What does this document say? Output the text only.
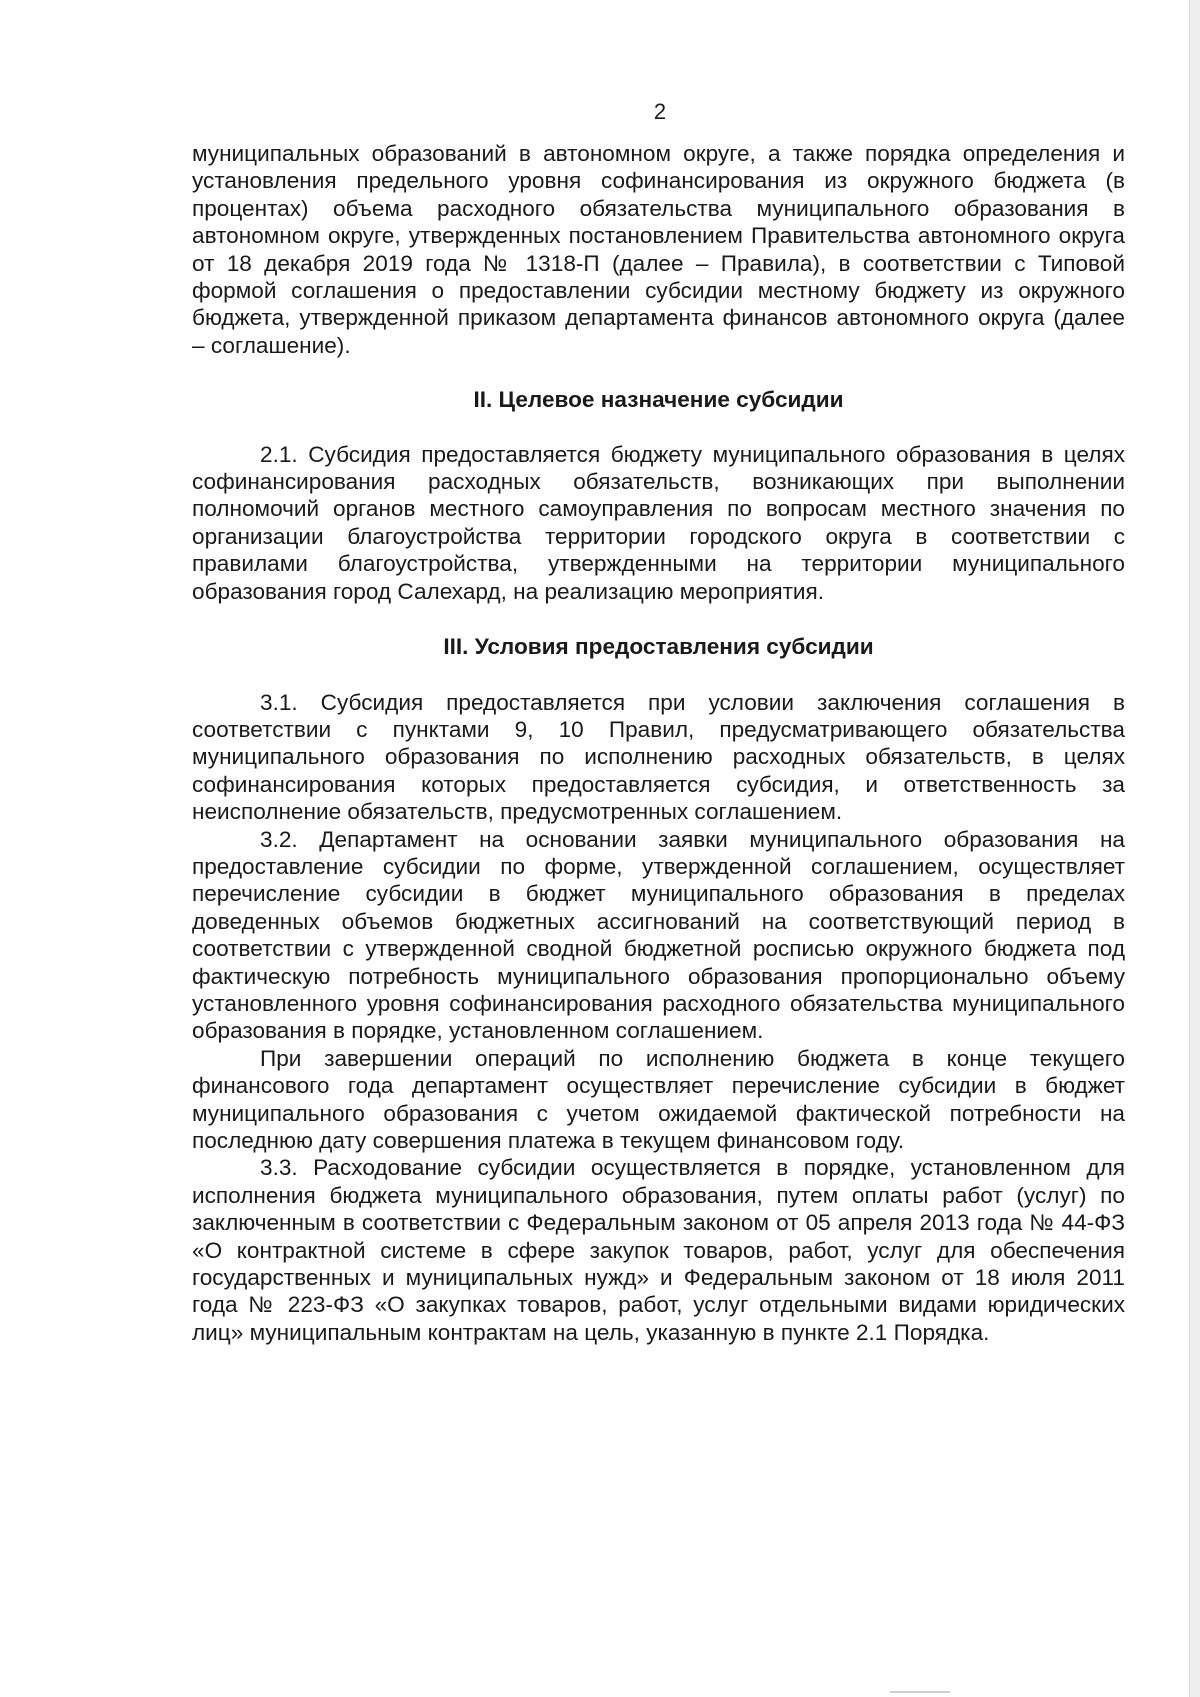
2

муниципальных образований в автономном округе, а также порядка определения и установления предельного уровня софинансирования из окружного бюджета (в процентах) объема расходного обязательства муниципального образования в автономном округе, утвержденных постановлением Правительства автономного округа от 18 декабря 2019 года № 1318-П (далее – Правила), в соответствии с Типовой формой соглашения о предоставлении субсидии местному бюджету из окружного бюджета, утвержденной приказом департамента финансов автономного округа (далее – соглашение).

II. Целевое назначение субсидии

2.1. Субсидия предоставляется бюджету муниципального образования в целях софинансирования расходных обязательств, возникающих при выполнении полномочий органов местного самоуправления по вопросам местного значения по организации благоустройства территории городского округа в соответствии с правилами благоустройства, утвержденными на территории муниципального образования город Салехард, на реализацию мероприятия.

III. Условия предоставления субсидии

3.1. Субсидия предоставляется при условии заключения соглашения в соответствии с пунктами 9, 10 Правил, предусматривающего обязательства муниципального образования по исполнению расходных обязательств, в целях софинансирования которых предоставляется субсидия, и ответственность за неисполнение обязательств, предусмотренных соглашением.

3.2. Департамент на основании заявки муниципального образования на предоставление субсидии по форме, утвержденной соглашением, осуществляет перечисление субсидии в бюджет муниципального образования в пределах доведенных объемов бюджетных ассигнований на соответствующий период в соответствии с утвержденной сводной бюджетной росписью окружного бюджета под фактическую потребность муниципального образования пропорционально объему установленного уровня софинансирования расходного обязательства муниципального образования в порядке, установленном соглашением.

При завершении операций по исполнению бюджета в конце текущего финансового года департамент осуществляет перечисление субсидии в бюджет муниципального образования с учетом ожидаемой фактической потребности на последнюю дату совершения платежа в текущем финансовом году.

3.3. Расходование субсидии осуществляется в порядке, установленном для исполнения бюджета муниципального образования, путем оплаты работ (услуг) по заключенным в соответствии с Федеральным законом от 05 апреля 2013 года № 44-ФЗ «О контрактной системе в сфере закупок товаров, работ, услуг для обеспечения государственных и муниципальных нужд» и Федеральным законом от 18 июля 2011 года № 223-ФЗ «О закупках товаров, работ, услуг отдельными видами юридических лиц» муниципальным контрактам на цель, указанную в пункте 2.1 Порядка.
